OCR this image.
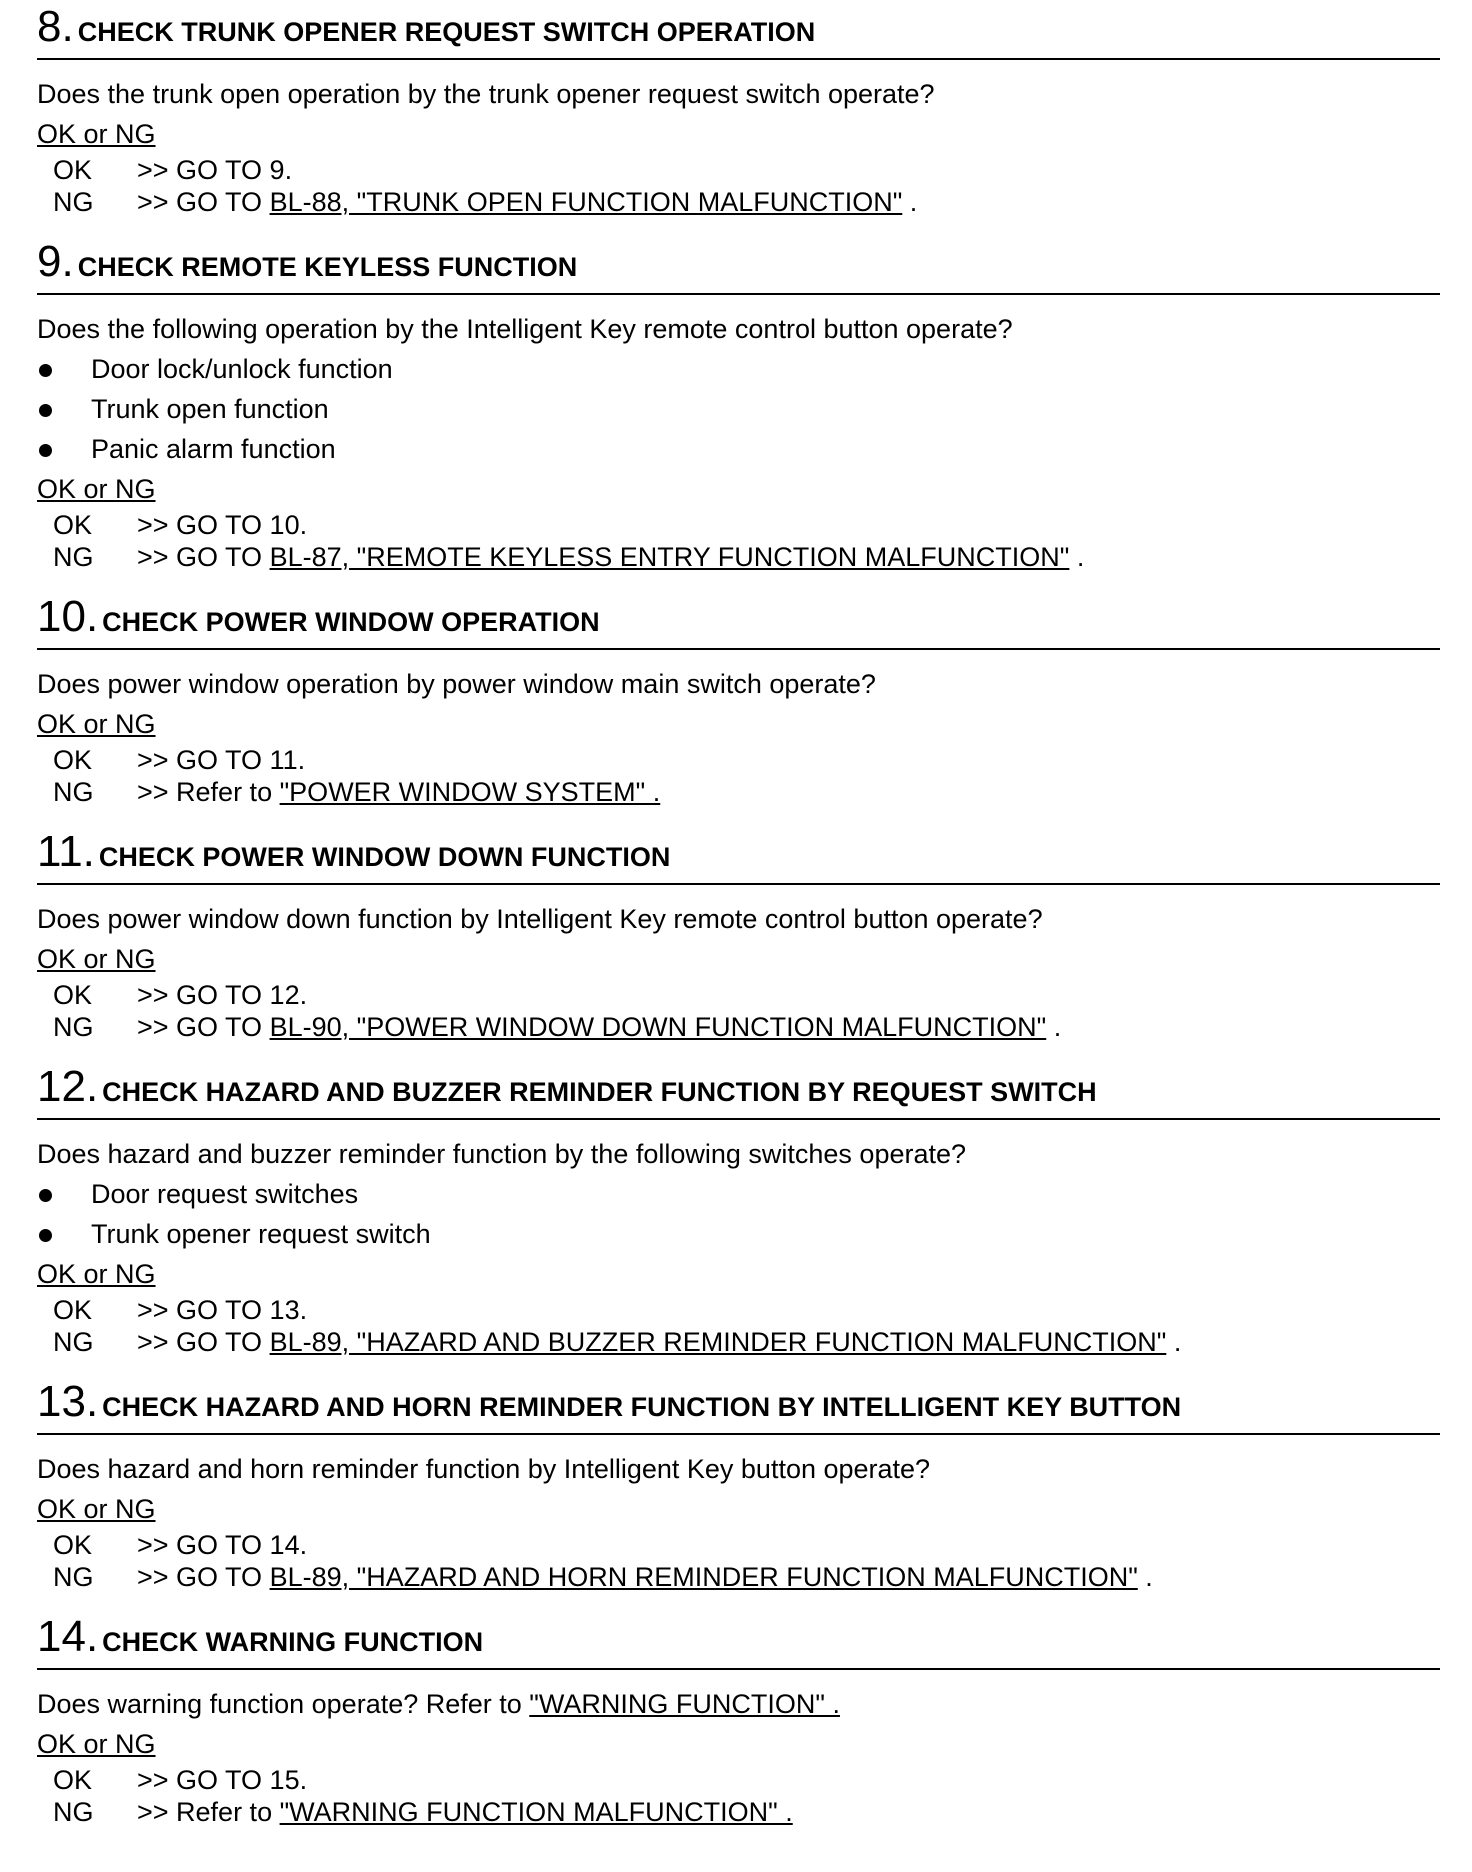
8. CHECK TRUNK OPENER REQUEST SWITCH OPERATION
Does the trunk open operation by the trunk opener request switch operate?
OK or NG
OK	>> GO TO 9.
NG	>> GO TO BL-88, "TRUNK OPEN FUNCTION MALFUNCTION" .
9. CHECK REMOTE KEYLESS FUNCTION
Does the following operation by the Intelligent Key remote control button operate?
Door lock/unlock function
Trunk open function
Panic alarm function
OK or NG
OK	>> GO TO 10.
NG	>> GO TO BL-87, "REMOTE KEYLESS ENTRY FUNCTION MALFUNCTION" .
10. CHECK POWER WINDOW OPERATION
Does power window operation by power window main switch operate?
OK or NG
OK	>> GO TO 11.
NG	>> Refer to "POWER WINDOW SYSTEM" .
11. CHECK POWER WINDOW DOWN FUNCTION
Does power window down function by Intelligent Key remote control button operate?
OK or NG
OK	>> GO TO 12.
NG	>> GO TO BL-90, "POWER WINDOW DOWN FUNCTION MALFUNCTION" .
12. CHECK HAZARD AND BUZZER REMINDER FUNCTION BY REQUEST SWITCH
Does hazard and buzzer reminder function by the following switches operate?
Door request switches
Trunk opener request switch
OK or NG
OK	>> GO TO 13.
NG	>> GO TO BL-89, "HAZARD AND BUZZER REMINDER FUNCTION MALFUNCTION" .
13. CHECK HAZARD AND HORN REMINDER FUNCTION BY INTELLIGENT KEY BUTTON
Does hazard and horn reminder function by Intelligent Key button operate?
OK or NG
OK	>> GO TO 14.
NG	>> GO TO BL-89, "HAZARD AND HORN REMINDER FUNCTION MALFUNCTION" .
14. CHECK WARNING FUNCTION
Does warning function operate? Refer to "WARNING FUNCTION" .
OK or NG
OK	>> GO TO 15.
NG	>> Refer to "WARNING FUNCTION MALFUNCTION" .
